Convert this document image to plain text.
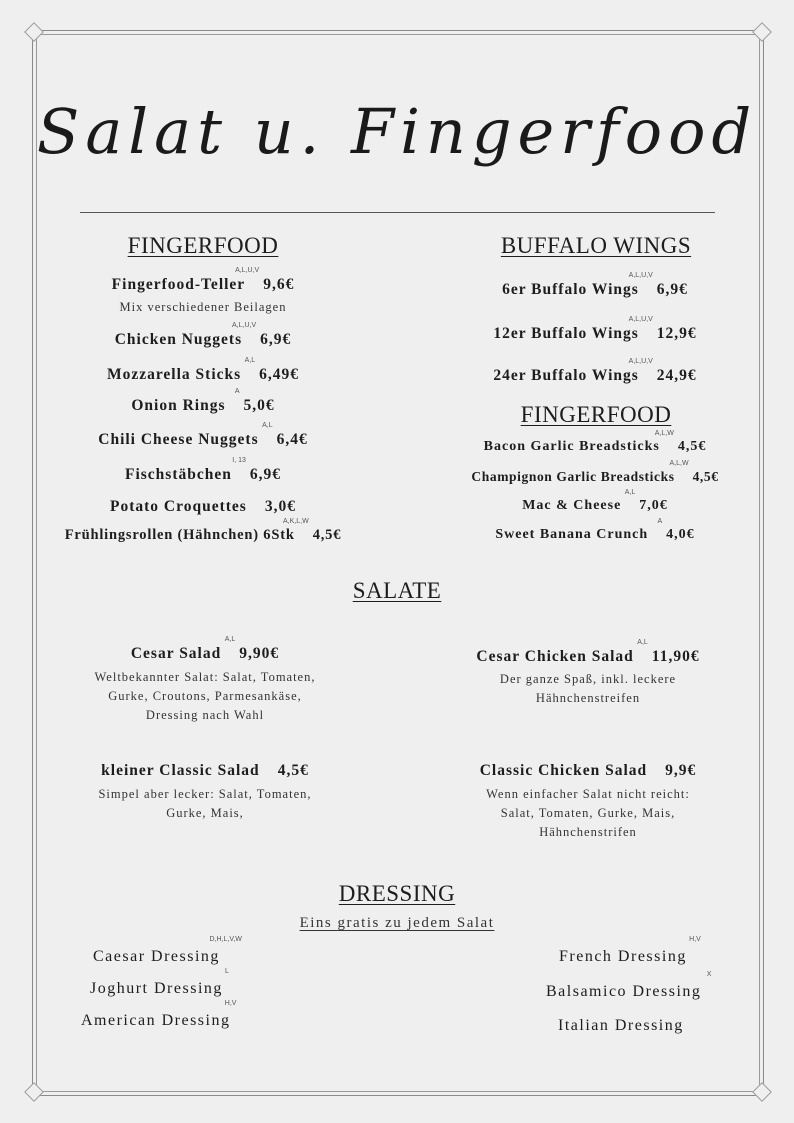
Salat u. Fingerfood
FINGERFOOD
Fingerfood-Teller
A,L,U,V
9,6€
Mix verschiedener Beilagen
Chicken Nuggets
A,L,U,V
6,9€
Mozzarella Sticks
A,L
6,49€
Onion Rings
A
5,0€
Chili Cheese Nuggets
A,L
6,4€
Fischstäbchen
I, 13
6,9€
Potato Croquettes 3,0€
Frühlingsrollen (Hähnchen) 6Stk
A,K,L,W
4,5€
BUFFALO WINGS
6er Buffalo Wings
A,L,U,V
6,9€
12er Buffalo Wings
A,L,U,V
12,9€
24er Buffalo Wings
A,L,U,V
24,9€
FINGERFOOD
Bacon Garlic Breadsticks
A,L,W
4,5€
Champignon Garlic Breadsticks
A,L,W
4,5€
Mac & Cheese
A,L
7,0€
Sweet Banana Crunch
A
4,0€
SALATE
Cesar Salad
A,L
9,90€
Weltbekannter Salat: Salat, Tomaten,
Gurke, Croutons, Parmesankäse,
Dressing nach Wahl
Cesar Chicken Salad
A,L
11,90€
Der ganze Spaß, inkl. leckere
Hähnchenstreifen
kleiner Classic Salad 4,5€
Simpel aber lecker: Salat, Tomaten,
Gurke, Mais,
Classic Chicken Salad 9,9€
Wenn einfacher Salat nicht reicht:
Salat, Tomaten, Gurke, Mais,
Hähnchenstrifen
DRESSING
Eins gratis zu jedem Salat
Caesar Dressing
D,H,L,V,W
Joghurt Dressing
L
American Dressing
H,V
French Dressing
H,V
Balsamico Dressing
X
Italian Dressing
